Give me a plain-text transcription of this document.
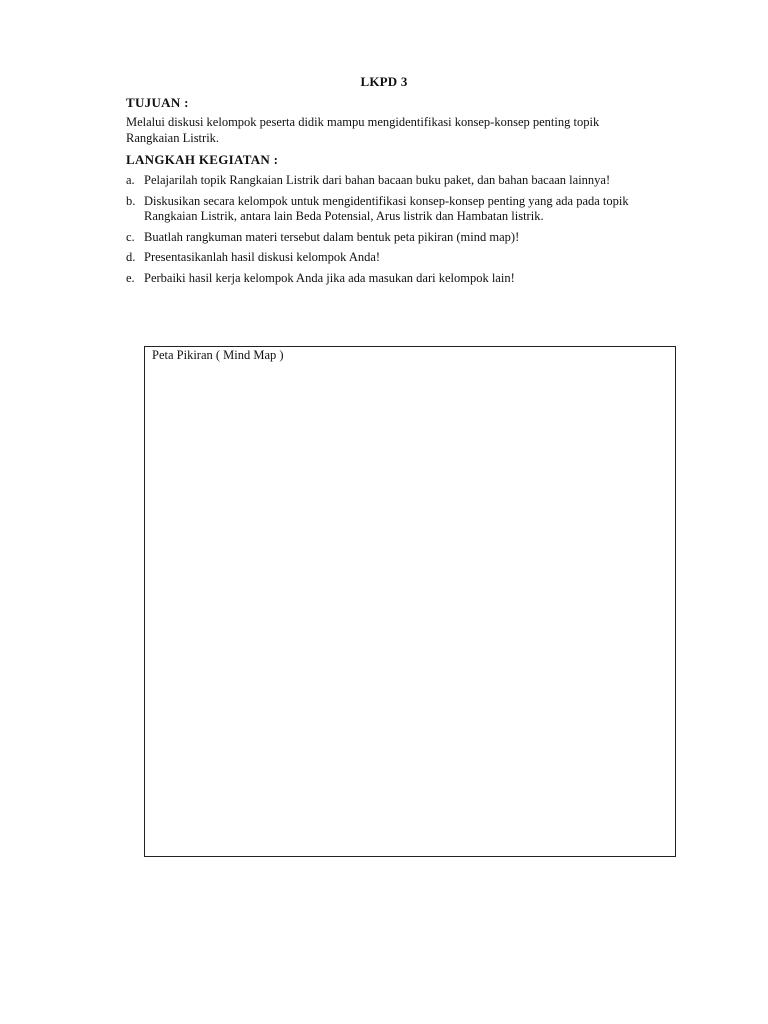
LKPD 3
TUJUAN :
Melalui diskusi kelompok peserta didik mampu mengidentifikasi konsep-konsep penting topik Rangkaian Listrik.
LANGKAH KEGIATAN :
a. Pelajarilah topik Rangkaian Listrik dari bahan bacaan buku paket, dan bahan bacaan lainnya!
b. Diskusikan secara kelompok untuk mengidentifikasi konsep-konsep penting yang ada pada topik Rangkaian Listrik, antara lain Beda Potensial, Arus listrik dan Hambatan listrik.
c. Buatlah rangkuman materi tersebut dalam bentuk peta pikiran (mind map)!
d. Presentasikanlah hasil diskusi kelompok Anda!
e. Perbaiki hasil kerja kelompok Anda jika ada masukan dari kelompok lain!
Peta Pikiran ( Mind Map )
